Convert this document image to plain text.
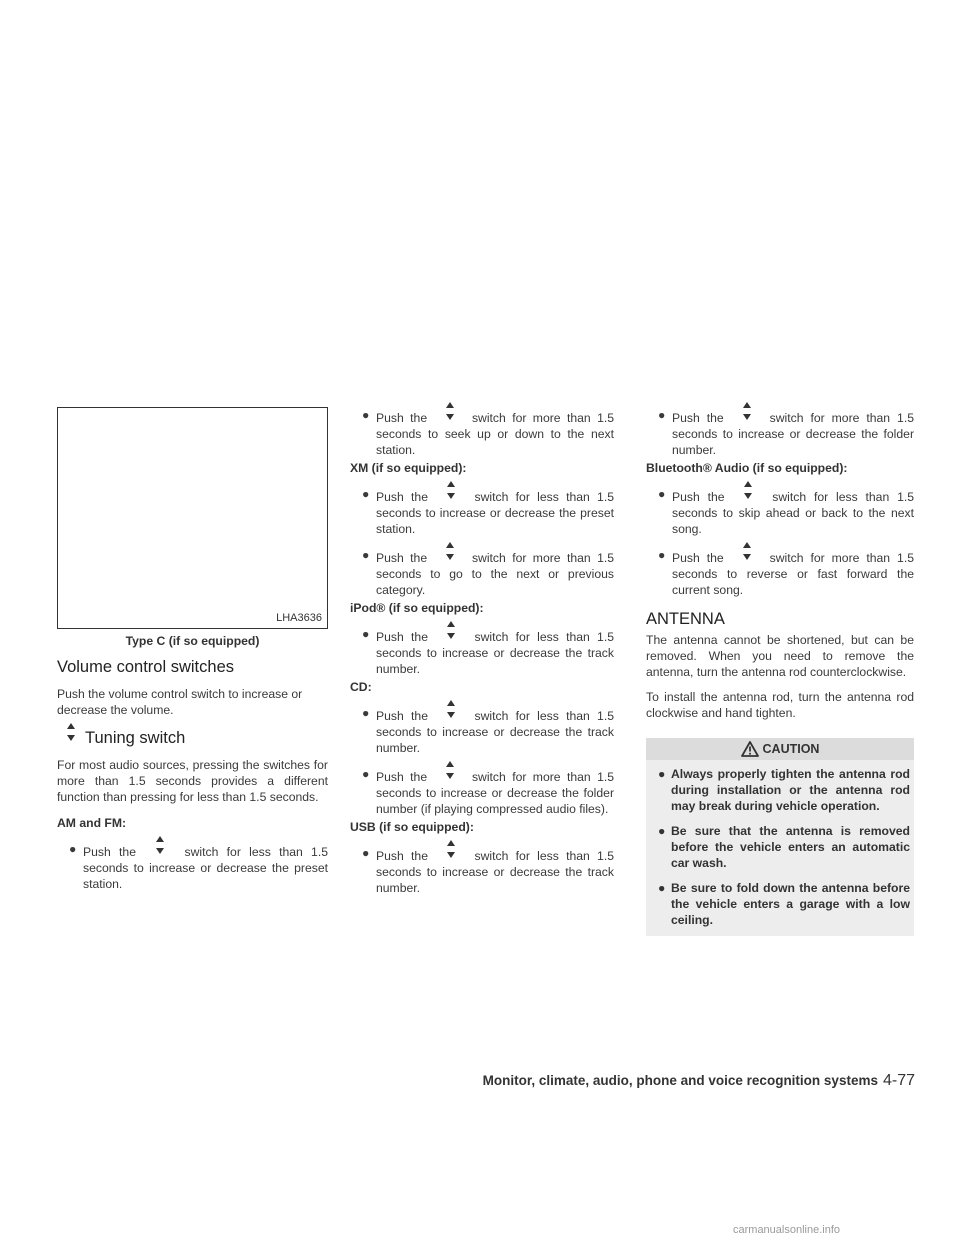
LHA3636
Type C (if so equipped)
Volume control switches

Push the volume control switch to increase or decrease the volume.

Tuning switch

For most audio sources, pressing the switches for more than 1.5 seconds provides a different function than pressing for less than 1.5 seconds.

AM and FM:

● Push the	switch for less than 1.5 seconds to increase or decrease the preset station.
● Push the	switch for more than 1.5 seconds to seek up or down to the next station.

XM (if so equipped):

● Push the	switch for less than 1.5 seconds to increase or decrease the preset station.
● Push the	switch for more than 1.5 seconds to go to the next or previous category.

iPod® (if so equipped):

● Push the	switch for less than 1.5 seconds to increase or decrease the track number.

CD:

● Push the	switch for less than 1.5 seconds to increase or decrease the track number.
● Push the	switch for more than 1.5 seconds to increase or decrease the folder number (if playing compressed audio files).

USB (if so equipped):

● Push the	switch for less than 1.5 seconds to increase or decrease the track number.
● Push the	switch for more than 1.5 seconds to increase or decrease the folder number.

Bluetooth® Audio (if so equipped):

● Push the	switch for less than 1.5 seconds to skip ahead or back to the next song.
● Push the	switch for more than 1.5 seconds to reverse or fast forward the current song.
ANTENNA

The antenna cannot be shortened, but can be removed. When you need to remove the antenna, turn the antenna rod counterclockwise.

To install the antenna rod, turn the antenna rod clockwise and hand tighten.

CAUTION
● Always properly tighten the antenna rod during installation or the antenna rod may break during vehicle operation.
● Be sure that the antenna is removed before the vehicle enters an automatic car wash.
● Be sure to fold down the antenna before the vehicle enters a garage with a low ceiling.
Monitor, climate, audio, phone and voice recognition systems 4-77
carmanualsonline.info
